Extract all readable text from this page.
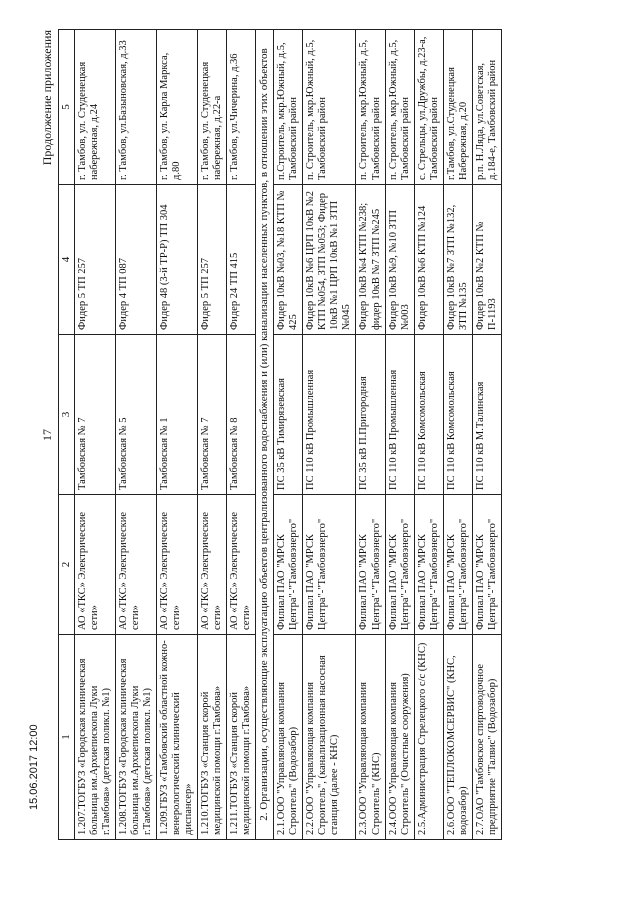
17
Продолжение приложения
1	2	3	4	5
1.207.ТОГБУЗ «Городская клиническая больница им.Архиепископа Луки г.Тамбова» (детская поликл. №1)	АО «ТКС» Электрические сети»	Тамбовская № 7	Фидер 5 ТП 257	г. Тамбов, ул. Студенецкая набережная, д.24
1.208.ТОГБУЗ «Городская клиническая больница им.Архиепископа Луки г.Тамбова» (детская поликл. №1)	АО «ТКС» Электрические сети»	Тамбовская № 5	Фидер 4 ТП 087	г. Тамбов, ул.Базыновская, д.33
1.209.ГБУЗ «Тамбовский областной кожно-венерологический клинический диспансер»	АО «ТКС» Электрические сети»	Тамбовская № 1	Фидер 48 (3-й ТР-Р) ТП 304	г. Тамбов, ул. Карла Маркса, д.80
1.210.ТОГБУЗ «Станция скорой медицинской помощи г.Тамбова»	АО «ТКС» Электрические сети»	Тамбовская № 7	Фидер 5 ТП 257	г. Тамбов, ул. Студенецкая набережная, д.22-а
1.211.ТОГБУЗ «Станция скорой медицинской помощи г.Тамбова»	АО «ТКС» Электрические сети»	Тамбовская № 8	Фидер 24 ТП 415	г. Тамбов, ул.Чичерина, д.36
2. Организации, осуществляющие эксплуатацию объектов централизованного водоснабжения и (или) канализации населенных пунктов, в отношении этих объектов				
2.1.ООО "Управляющая компания Строитель" (Водозабор)	Филиал ПАО "МРСК Центра"-"Тамбовэнерго"	ПС 35 кВ Тимирязевская	Фидер 10кВ №03, №18 КТП № 425	п.Строитель, мкр.Южный, д.5, Тамбовский район
2.2.ООО "Управляющая компания Строитель", (канализационная насосная станция (далее - КНС)	Филиал ПАО "МРСК Центра"-"Тамбовэнерго"	ПС 110 кВ Промышленная	Фидер 10кВ №6 ЦРП 10кВ №2 КТП №054, ЗТП №053; Фидер 10кВ №1 ЦРП 10кВ №1 ЗТП №045	п. Строитель, мкр.Южный, д.5, Тамбовский район
2.3.ООО "Управляющая компания Строитель" (КНС)	Филиал ПАО "МРСК Центра"-"Тамбовэнерго"	ПС 35 кВ П.Пригородная	Фидер 10кВ №4 КТП №238; фидер 10кВ №7 ЗТП №245	п. Строитель, мкр.Южный, д.5, Тамбовский район
2.4.ООО "Управляющая компания Строитель" (Очистные сооружения)	Филиал ПАО "МРСК Центра"-"Тамбовэнерго"	ПС 110 кВ Промышленная	Фидер 10кВ №9, №10 ЗТП №003	п. Строитель, мкр.Южный, д.5, Тамбовский район
2.5.Администрация Стрелецкого с/с (КНС)	Филиал ПАО "МРСК Центра"-"Тамбовэнерго"	ПС 110 кВ Комсомольская	Фидер 10кВ №6 КТП №124	с. Стрельцы, ул.Дружбы, д.23-а, Тамбовский район
2.6.ООО "ТЕПЛОКОМСЕРВИС" (КНС, водозабор)	Филиал ПАО "МРСК Центра"-"Тамбовэнерго"	ПС 110 кВ Комсомольская	Фидер 10кВ №7 ЗТП №132, ЗТП №135	г.Тамбов, ул.Студенецкая Набережная, д.20
2.7.ОАО "Тамбовское спиртоводочное предприятие "Талвис" (Водозабор)	Филиал ПАО "МРСК Центра"-"Тамбовэнерго"	ПС 110 кВ М.Талинская	Фидер 10кВ №2 КТП № П-1193	р.п. Н.Лядa, ул.Советская, д.184-е, Тамбовский район
15.06.2017 12:00
